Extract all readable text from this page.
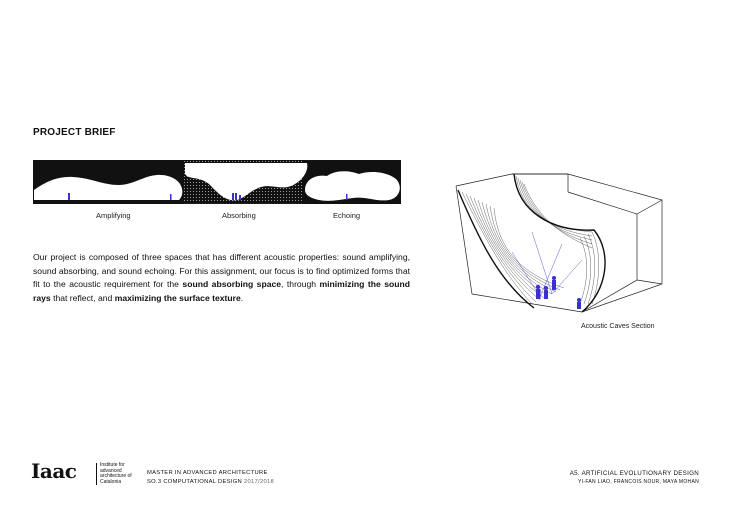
PROJECT BRIEF
Amplifying	Absorbing	Echoing
Our project is composed of three spaces that has different acoustic properties: sound amplifying, sound absorbing, and sound echoing. For this assignment, our focus is to find optimized forms that fit to the acoustic requirement for the sound absorbing space, through minimizing the sound rays that reflect, and maximizing the surface texture.
Acoustic Caves Section
Iaac	Institute for advanced architecture of Catalonia
MASTER IN ADVANCED ARCHITECTURE
SO.3 COMPUTATIONAL DESIGN 2017/2018
A5. ARTIFICIAL EVOLUTIONARY DESIGN
YI-FAN LIAO, FRANCOIS NOUR, MAYA MOHAN
